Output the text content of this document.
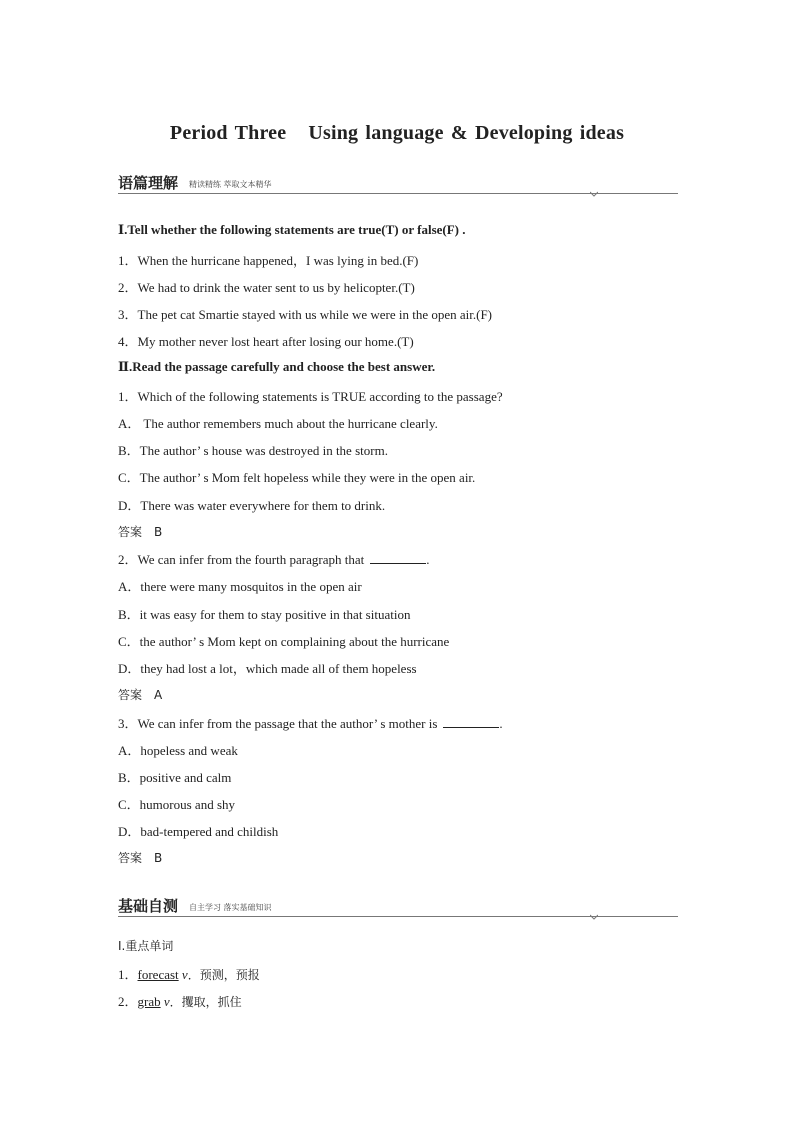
Period Three Using language & Developing ideas
语篇理解 精读精练 萃取文本精华
Ⅰ.Tell whether the following statements are true(T) or false(F) .
1．When the hurricane happened，I was lying in bed.(F)
2．We had to drink the water sent to us by helicopter.(T)
3．The pet cat Smartie stayed with us while we were in the open air.(F)
4．My mother never lost heart after losing our home.(T)
Ⅱ.Read the passage carefully and choose the best answer.
1．Which of the following statements is TRUE according to the passage?
A． The author remembers much about the hurricane clearly.
B．The author’ s house was destroyed in the storm.
C．The author’ s Mom felt hopeless while they were in the open air.
D．There was water everywhere for them to drink.
答案　B
2．We can infer from the fourth paragraph that	.
A．there were many mosquitos in the open air
B．it was easy for them to stay positive in that situation
C．the author’ s Mom kept on complaining about the hurricane
D．they had lost a lot，which made all of them hopeless
答案　A
3．We can infer from the passage that the author’ s mother is	.
A．hopeless and weak
B．positive and calm
C．humorous and shy
D．bad-tempered and childish
答案　B
基础自测 自主学习 落实基础知识
Ⅰ.重点单词
1．forecast v．预测，预报
2．grab v．攫取，抓住
